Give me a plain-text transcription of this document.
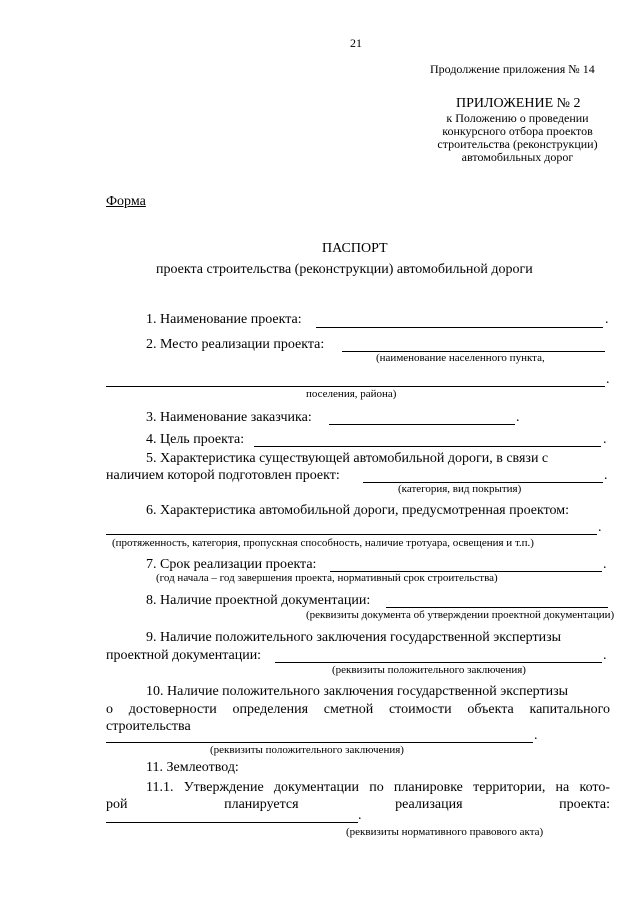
21
Продолжение приложения № 14
ПРИЛОЖЕНИЕ № 2
к Положению о проведении
конкурсного отбора проектов
строительства (реконструкции)
автомобильных дорог
Форма
ПАСПОРТ
проекта строительства (реконструкции) автомобильной дороги
1. Наименование проекта:	.
2. Место реализации проекта:
(наименование населенного пункта,
.
поселения, района)
3. Наименование заказчика:	.
4. Цель проекта:	.
5. Характеристика существующей автомобильной дороги, в связи с
наличием которой подготовлен проект:	.
(категория, вид покрытия)
6. Характеристика автомобильной дороги, предусмотренная проектом:
.
(протяженность, категория, пропускная способность, наличие тротуара, освещения и т.п.)
7. Срок реализации проекта:	.
(год начала – год завершения проекта, нормативный срок строительства)
8. Наличие проектной документации:
(реквизиты документа об утверждении проектной документации)
9. Наличие положительного заключения государственной экспертизы
проектной документации:	.
(реквизиты положительного заключения)
10. Наличие положительного заключения государственной экспертизы
о достоверности определения сметной стоимости объекта капитального
строительства
.
(реквизиты положительного заключения)
11. Землеотвод:
11.1. Утверждение документации по планировке территории, на кото-
рой планируется реализация проекта:
.
(реквизиты нормативного правового акта)
